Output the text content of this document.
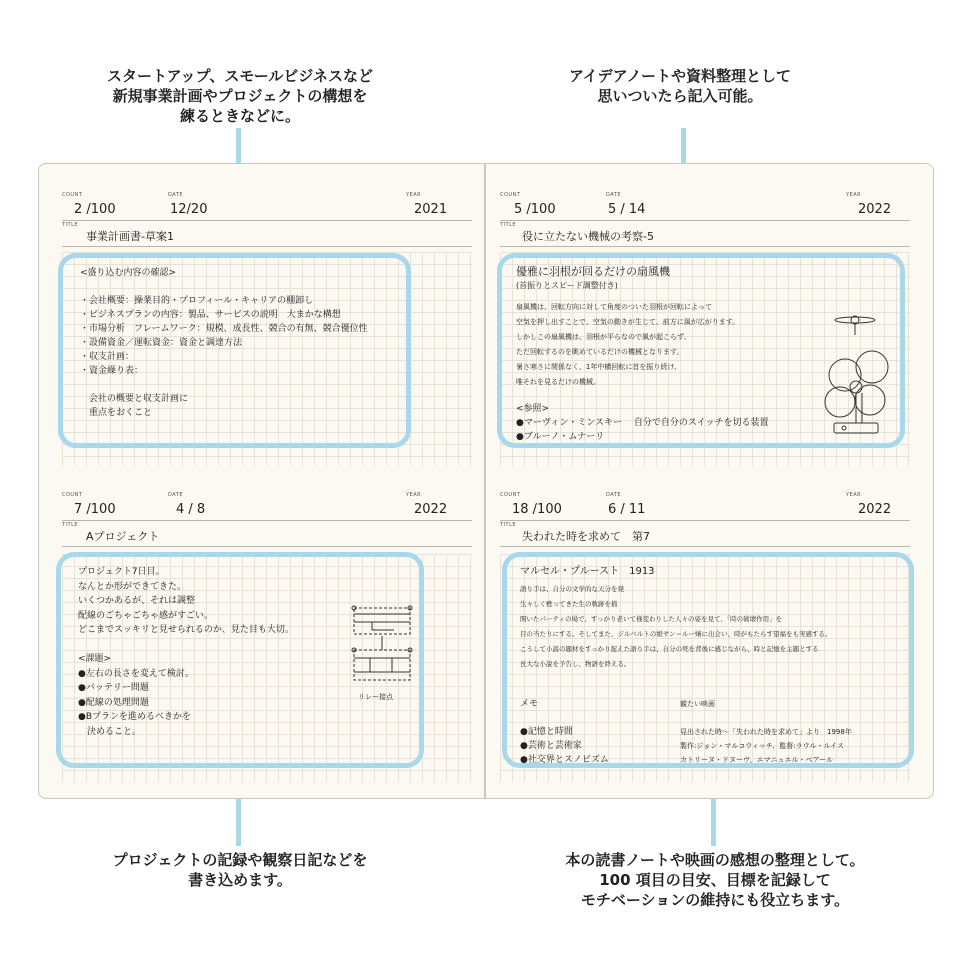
スタートアップ、スモールビジネスなど
新規事業計画やプロジェクトの構想を
練るときなどに。
アイデアノートや資料整理として
思いついたら記入可能。
プロジェクトの記録や観察日記などを
書き込めます。
本の読書ノートや映画の感想の整理として。
100 項目の目安、目標を記録して
モチベーションの維持にも役立ちます。
COUNT	DATE	YEAR
2 /100	12/20	2021
TITLE
事業計画書-草案1
<盛り込む内容の確認>

・会社概要：操業目的・プロフィール・キャリアの棚卸し
・ビジネスプランの内容：製品、サービスの説明　大まかな構想
・市場分析　フレームワーク：規模、成長性、競合の有無、競合優位性
・設備資金／運転資金：資金と調達方法
・収支計画：
・資金繰り表：

　会社の概要と収支計画に
　重点をおくこと
COUNT	DATE	YEAR
5 /100	5 / 14	2022
TITLE
役に立たない機械の考察-5
優雅に羽根が回るだけの扇風機
(首振りとスピード調整付き)
扇風機は、回転方向に対して角度のついた羽根が回転によって
空気を押し出すことで、空気の動きが生じて、前方に風が広がります。
しかしこの扇風機は、羽根が平らなので風が起こらず、
ただ回転するのを眺めているだけの機械となります。
暑さ寒さに関係なく、1年中横回転に首を振り続け、
唯それを見るだけの機械。
<参照>
●マーヴィン・ミンスキー　 自分で自分のスイッチを切る装置
●ブルーノ・ムナーリ
COUNT	DATE	YEAR
7 /100	4 / 8	2022
TITLE
Aプロジェクト
プロジェクト7日目。
なんとか形ができてきた。
いくつかあるが、それは調整
配線のごちゃごちゃ感がすごい。
どこまでスッキリと見せられるのか、見た目も大切。

<課題>
●左右の長さを変えて検討。
●バッテリー問題
●配線の処理問題
●Bプランを進めるべきかを
　決めること。
リレー接点
COUNT	DATE	YEAR
18 /100	6 / 11	2022
TITLE
失われた時を求めて　第7
マルセル・プルースト　1913
語り手は、自分の文学的な天分を発
生々しく甦ってきた生の軌跡を描
開いたパーティの場で、すっかり老いて様変わりした人々の姿を見て、「時の破壊作用」を
目の当たりにする。そしてまた、ジルベルトの娘サン＝ルー嬢に出会い、時がもたらす望福をも実感する。
こうして小説の題材をすっかり捉えた語り手は、自分の死を背後に感じながら、時と記憶を主題とする
長大な小説を予告し、物語を終える。
メモ

●記憶と時間
●芸術と芸術家
●社交界とスノビズム
観たい映画

見出された時～「失われた時を求めて」より　1998年
製作:ジョン・マルコウィッチ、監督:ラウル・ルイス
カトリーヌ・ドヌーヴ、エマニュエル・ベアール
